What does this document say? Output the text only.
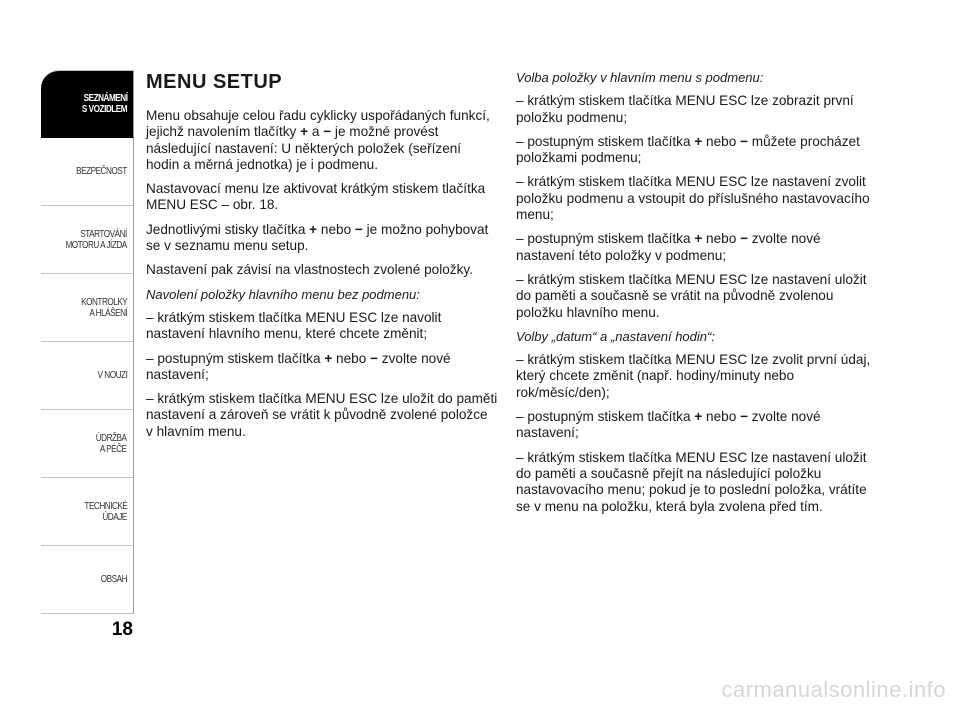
SEZNÁMENÍ
S VOZIDLEM
BEZPEČNOST
STARTOVÁNÍ
MOTORU A JÍZDA
KONTROLKY
A HLÁŠENÍ
V NOUZI
ÚDRŽBA
A PÉČE
TECHNICKÉ
ÚDAJE
OBSAH
18
MENU SETUP

Menu obsahuje celou řadu cyklicky uspořádaných funkcí, jejichž navolením tlačítky + a − je možné provést následující nastavení: U některých položek (seřízení hodin a měrná jednotka) je i podmenu.

Nastavovací menu lze aktivovat krátkým stiskem tlačítka MENU ESC – obr. 18.

Jednotlivými stisky tlačítka + nebo − je možno pohybovat se v seznamu menu setup.

Nastavení pak závisí na vlastnostech zvolené položky.

Navolení položky hlavního menu bez podmenu:

– krátkým stiskem tlačítka MENU ESC lze navolit nastavení hlavního menu, které chcete změnit;

– postupným stiskem tlačítka + nebo − zvolte nové nastavení;

– krátkým stiskem tlačítka MENU ESC lze uložit do paměti nastavení a zároveň se vrátit k původně zvolené položce v hlavním menu.

Volba položky v hlavním menu s podmenu:

– krátkým stiskem tlačítka MENU ESC lze zobrazit první položku podmenu;

– postupným stiskem tlačítka + nebo − můžete procházet položkami podmenu;

– krátkým stiskem tlačítka MENU ESC lze nastavení zvolit položku podmenu a vstoupit do příslušného nastavovacího menu;

– postupným stiskem tlačítka + nebo − zvolte nové nastavení této položky v podmenu;

– krátkým stiskem tlačítka MENU ESC lze nastavení uložit do paměti a současně se vrátit na původně zvolenou položku hlavního menu.

Volby „datum“ a „nastavení hodin“:

– krátkým stiskem tlačítka MENU ESC lze zvolit první údaj, který chcete změnit (např. hodiny/minuty nebo rok/měsíc/den);

– postupným stiskem tlačítka + nebo − zvolte nové nastavení;

– krátkým stiskem tlačítka MENU ESC lze nastavení uložit do paměti a současně přejít na následující položku nastavovacího menu; pokud je to poslední položka, vrátíte se v menu na položku, která byla zvolena před tím.

carmanualsonline.info
